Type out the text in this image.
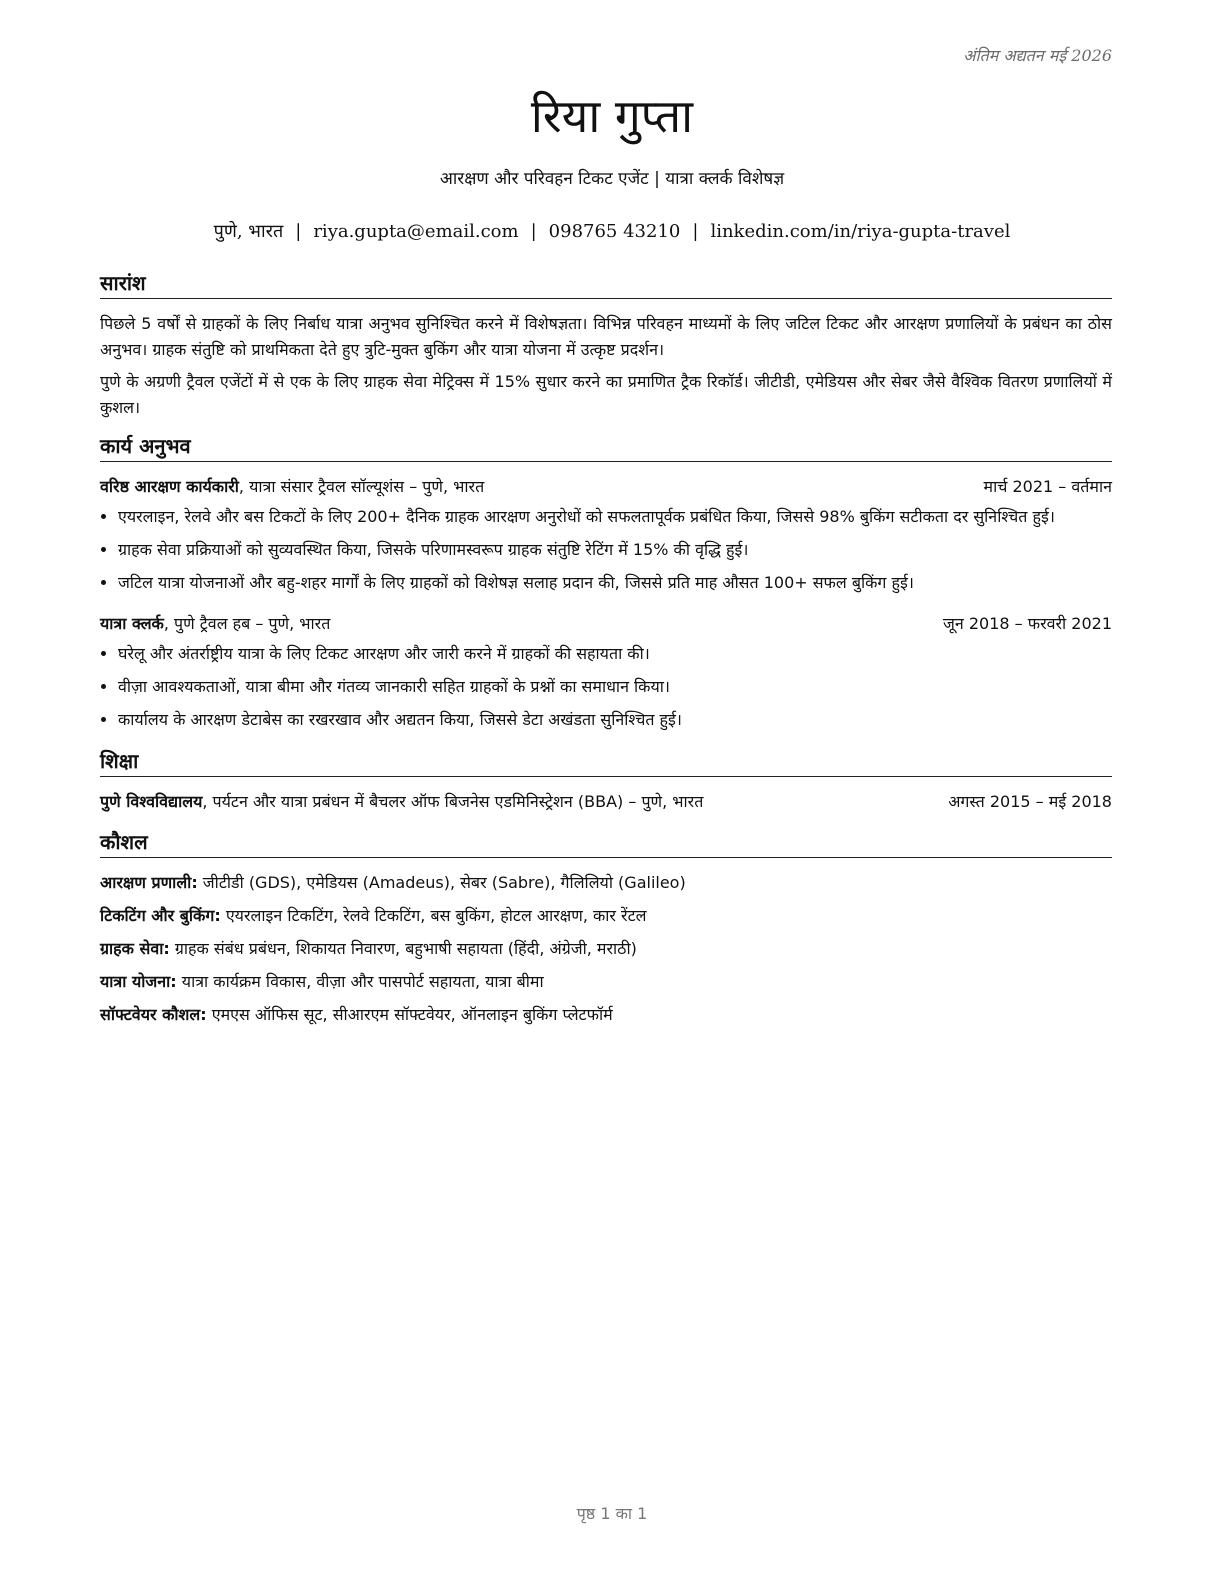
अंतिम अद्यतन मई 2026
रिया गुप्ता
आरक्षण और परिवहन टिकट एजेंट | यात्रा क्लर्क विशेषज्ञ
पुणे, भारत | riya.gupta@email.com | 098765 43210 | linkedin.com/in/riya-gupta-travel
सारांश

पिछले 5 वर्षों से ग्राहकों के लिए निर्बाध यात्रा अनुभव सुनिश्चित करने में विशेषज्ञता। विभिन्न परिवहन माध्यमों के लिए जटिल टिकट और आरक्षण प्रणालियों के प्रबंधन का ठोस अनुभव। ग्राहक संतुष्टि को प्राथमिकता देते हुए त्रुटि-मुक्त बुकिंग और यात्रा योजना में उत्कृष्ट प्रदर्शन।

पुणे के अग्रणी ट्रैवल एजेंटों में से एक के लिए ग्राहक सेवा मेट्रिक्स में 15% सुधार करने का प्रमाणित ट्रैक रिकॉर्ड। जीटीडी, एमेडियस और सेबर जैसे वैश्विक वितरण प्रणालियों में कुशल।

कार्य अनुभव
वरिष्ठ आरक्षण कार्यकारी, यात्रा संसार ट्रैवल सॉल्यूशंस – पुणे, भारत	मार्च 2021 – वर्तमान
• एयरलाइन, रेलवे और बस टिकटों के लिए 200+ दैनिक ग्राहक आरक्षण अनुरोधों को सफलतापूर्वक प्रबंधित किया, जिससे 98% बुकिंग सटीकता दर सुनिश्चित हुई।
• ग्राहक सेवा प्रक्रियाओं को सुव्यवस्थित किया, जिसके परिणामस्वरूप ग्राहक संतुष्टि रेटिंग में 15% की वृद्धि हुई।
• जटिल यात्रा योजनाओं और बहु-शहर मार्गों के लिए ग्राहकों को विशेषज्ञ सलाह प्रदान की, जिससे प्रति माह औसत 100+ सफल बुकिंग हुई।
यात्रा क्लर्क, पुणे ट्रैवल हब – पुणे, भारत	जून 2018 – फरवरी 2021
• घरेलू और अंतर्राष्ट्रीय यात्रा के लिए टिकट आरक्षण और जारी करने में ग्राहकों की सहायता की।
• वीज़ा आवश्यकताओं, यात्रा बीमा और गंतव्य जानकारी सहित ग्राहकों के प्रश्नों का समाधान किया।
• कार्यालय के आरक्षण डेटाबेस का रखरखाव और अद्यतन किया, जिससे डेटा अखंडता सुनिश्चित हुई।
शिक्षा
पुणे विश्वविद्यालय, पर्यटन और यात्रा प्रबंधन में बैचलर ऑफ बिजनेस एडमिनिस्ट्रेशन (BBA) – पुणे, भारत	अगस्त 2015 – मई 2018
कौशल

आरक्षण प्रणाली: जीटीडी (GDS), एमेडियस (Amadeus), सेबर (Sabre), गैलिलियो (Galileo)

टिकटिंग और बुकिंग: एयरलाइन टिकटिंग, रेलवे टिकटिंग, बस बुकिंग, होटल आरक्षण, कार रेंटल

ग्राहक सेवा: ग्राहक संबंध प्रबंधन, शिकायत निवारण, बहुभाषी सहायता (हिंदी, अंग्रेजी, मराठी)

यात्रा योजना: यात्रा कार्यक्रम विकास, वीज़ा और पासपोर्ट सहायता, यात्रा बीमा

सॉफ्टवेयर कौशल: एमएस ऑफिस सूट, सीआरएम सॉफ्टवेयर, ऑनलाइन बुकिंग प्लेटफॉर्म

पृष्ठ 1 का 1
